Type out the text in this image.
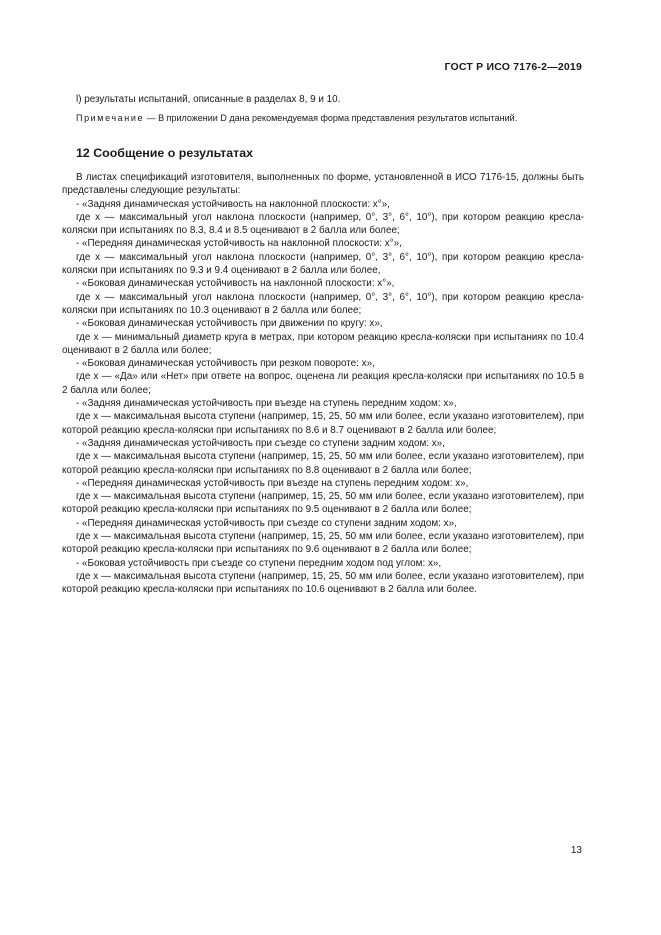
ГОСТ Р ИСО 7176-2—2019

l) результаты испытаний, описанные в разделах 8, 9 и 10.

Примечание — В приложении D дана рекомендуемая форма представления результатов испытаний.

12 Сообщение о результатах

В листах спецификаций изготовителя, выполненных по форме, установленной в ИСО 7176-15, должны быть представлены следующие результаты:

- «Задняя динамическая устойчивость на наклонной плоскости: х°»,

где х — максимальный угол наклона плоскости (например, 0°, 3°, 6°, 10°), при котором реакцию кресла-коляски при испытаниях по 8.3, 8.4 и 8.5 оценивают в 2 балла или более;

- «Передняя динамическая устойчивость на наклонной плоскости: х°»,

где х — максимальный угол наклона плоскости (например, 0°, 3°, 6°, 10°), при котором реакцию кресла-коляски при испытаниях по 9.3 и 9.4 оценивают в 2 балла или более,

- «Боковая динамическая устойчивость на наклонной плоскости: х°»,

где х — максимальный угол наклона плоскости (например, 0°, 3°, 6°, 10°), при котором реакцию кресла-коляски при испытаниях по 10.3 оценивают в 2 балла или более;

- «Боковая динамическая устойчивость при движении по кругу: х»,

где х — минимальный диаметр круга в метрах, при котором реакцию кресла-коляски при испытаниях по 10.4 оценивают в 2 балла или более;

- «Боковая динамическая устойчивость при резком повороте: х»,

где х — «Да» или «Нет» при ответе на вопрос, оценена ли реакция кресла-коляски при испытаниях по 10.5 в 2 балла или более;

- «Задняя динамическая устойчивость при въезде на ступень передним ходом: х»,

где х — максимальная высота ступени (например, 15, 25, 50 мм или более, если указано изготовителем), при которой реакцию кресла-коляски при испытаниях по 8.6 и 8.7 оценивают в 2 балла или более;

- «Задняя динамическая устойчивость при съезде со ступени задним ходом: х»,

где х — максимальная высота ступени (например, 15, 25, 50 мм или более, если указано изготовителем), при которой реакцию кресла-коляски при испытаниях по 8.8 оценивают в 2 балла или более;

- «Передняя динамическая устойчивость при въезде на ступень передним ходом: х»,

где х — максимальная высота ступени (например, 15, 25, 50 мм или более, если указано изготовителем), при которой реакцию кресла-коляски при испытаниях по 9.5 оценивают в 2 балла или более;

- «Передняя динамическая устойчивость при съезде со ступени задним ходом: х»,

где х — максимальная высота ступени (например, 15, 25, 50 мм или более, если указано изготовителем), при которой реакцию кресла-коляски при испытаниях по 9.6 оценивают в 2 балла или более;

- «Боковая устойчивость при съезде со ступени передним ходом под углом: х»,

где х — максимальная высота ступени (например, 15, 25, 50 мм или более, если указано изготовителем), при которой реакцию кресла-коляски при испытаниях по 10.6 оценивают в 2 балла или более.

13
